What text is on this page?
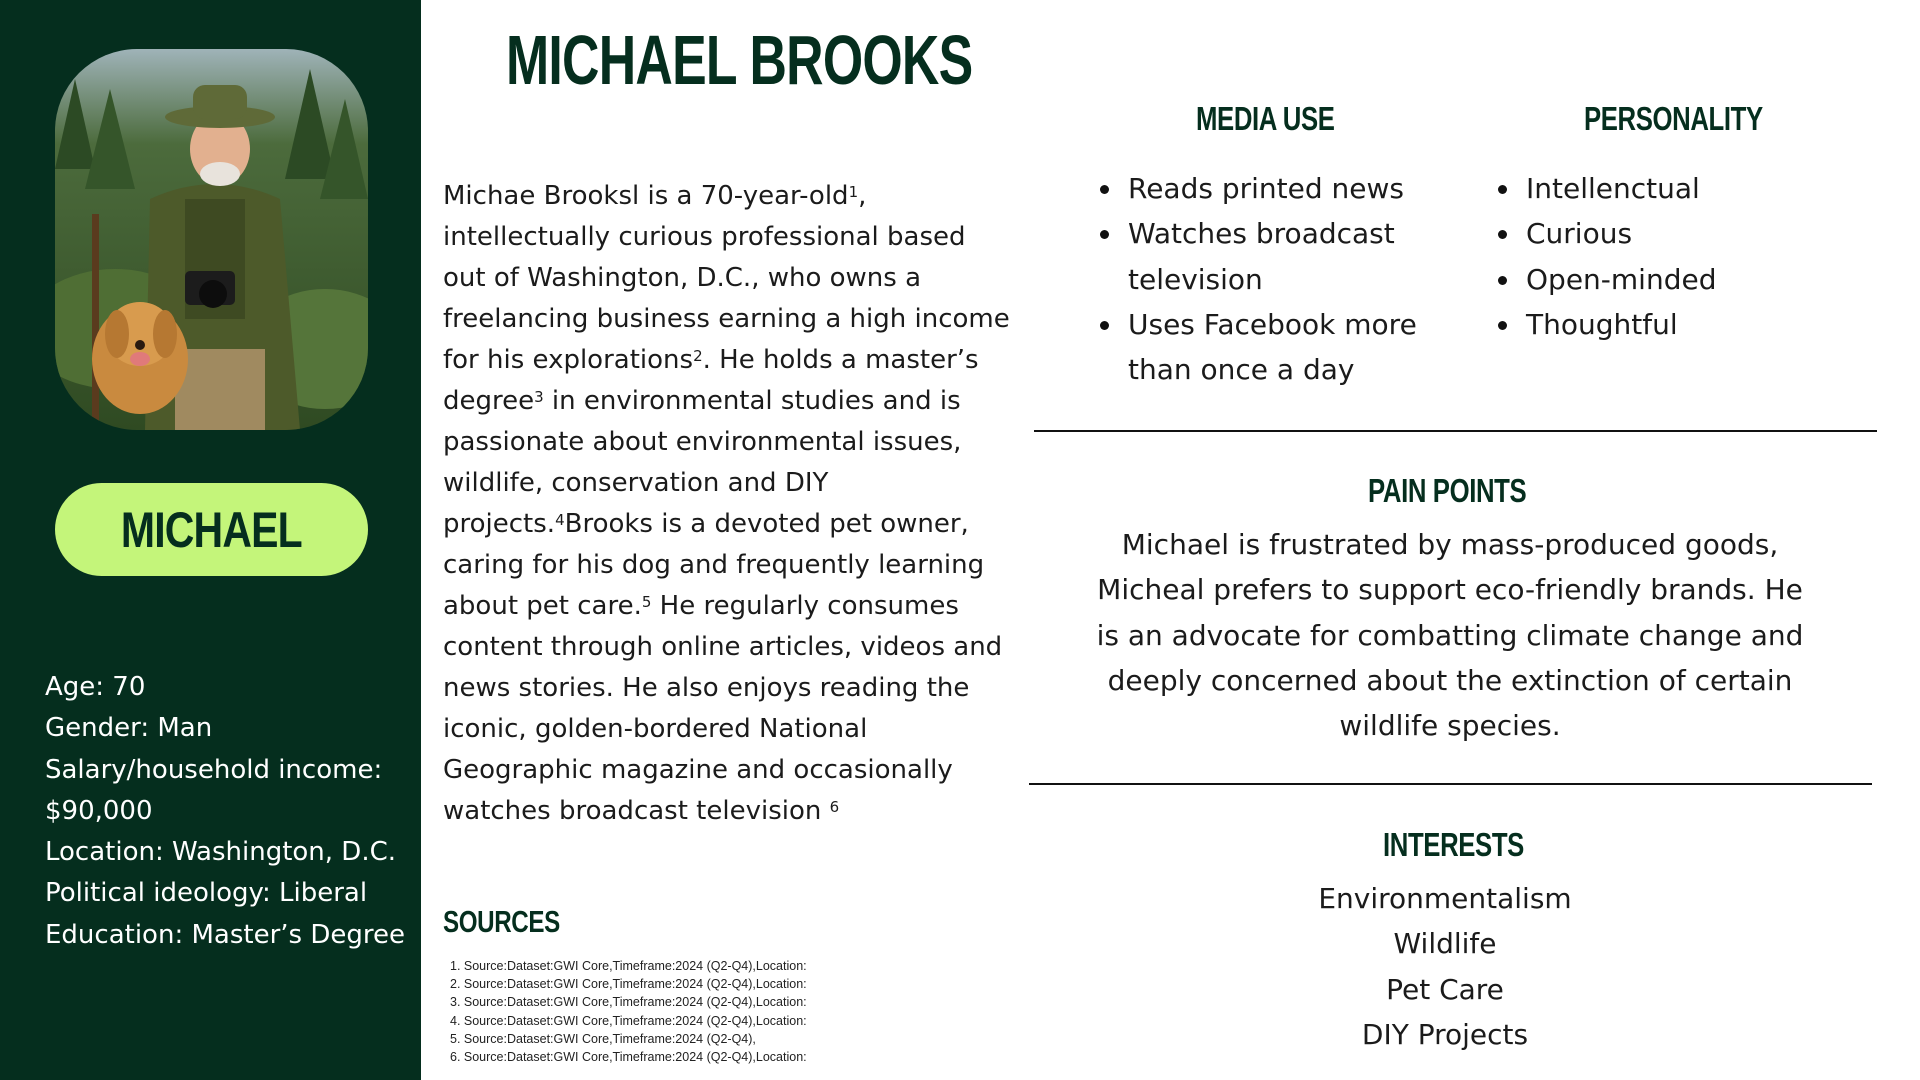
MICHAEL
Age: 70
Gender: Man
Salary/household income:
$90,000
Location: Washington, D.C.
Political ideology: Liberal
Education: Master’s Degree
MICHAEL BROOKS
Michae Brooksl is a 70-year-old$^1$,
intellectually curious professional based
out of Washington, D.C., who owns a
freelancing business earning a high income
for his explorations$^2$. He holds a master’s
degree$^3$ in environmental studies and is
passionate about environmental issues,
wildlife, conservation and DIY
projects.$^4$Brooks is a devoted pet owner,
caring for his dog and frequently learning
about pet care.$^5$ He regularly consumes
content through online articles, videos and
news stories. He also enjoys reading the
iconic, golden-bordered National
Geographic magazine and occasionally
watches broadcast television $^6$
SOURCES
1. Source:Dataset:GWI Core,Timeframe:2024 (Q2-Q4),Location:
2. Source:Dataset:GWI Core,Timeframe:2024 (Q2-Q4),Location:
3. Source:Dataset:GWI Core,Timeframe:2024 (Q2-Q4),Location:
4. Source:Dataset:GWI Core,Timeframe:2024 (Q2-Q4),Location:
5. Source:Dataset:GWI Core,Timeframe:2024 (Q2-Q4),
6. Source:Dataset:GWI Core,Timeframe:2024 (Q2-Q4),Location:
MEDIA USE
Reads printed news
Watches broadcast
television
Uses Facebook more
than once a day
PERSONALITY
Intellenctual
Curious
Open-minded
Thoughtful
PAIN POINTS
Michael is frustrated by mass-produced goods,
Micheal prefers to support eco-friendly brands. He
is an advocate for combatting climate change and
deeply concerned about the extinction of certain
wildlife species.
INTERESTS
Environmentalism
Wildlife
Pet Care
DIY Projects
